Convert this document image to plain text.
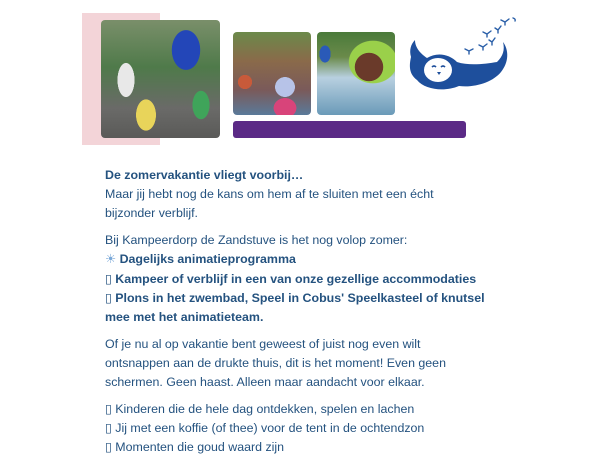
De zomervakantie vliegt voorbij…
Maar jij hebt nog de kans om hem af te sluiten met een écht bijzonder verblijf.

Bij Kampeerdorp de Zandstuve is het nog volop zomer:
☀ Dagelijks animatieprogramma
▯ Kampeer of verblijf in een van onze gezellige accommodaties
▯ Plons in het zwembad, Speel in Cobus' Speelkasteel of knutsel mee met het animatieteam.

Of je nu al op vakantie bent geweest of juist nog even wilt ontsnappen aan de drukte thuis, dit is het moment! Even geen schermen. Geen haast. Alleen maar aandacht voor elkaar.

▯ Kinderen die de hele dag ontdekken, spelen en lachen
▯ Jij met een koffie (of thee) voor de tent in de ochtendzon
▯ Momenten die goud waard zijn
